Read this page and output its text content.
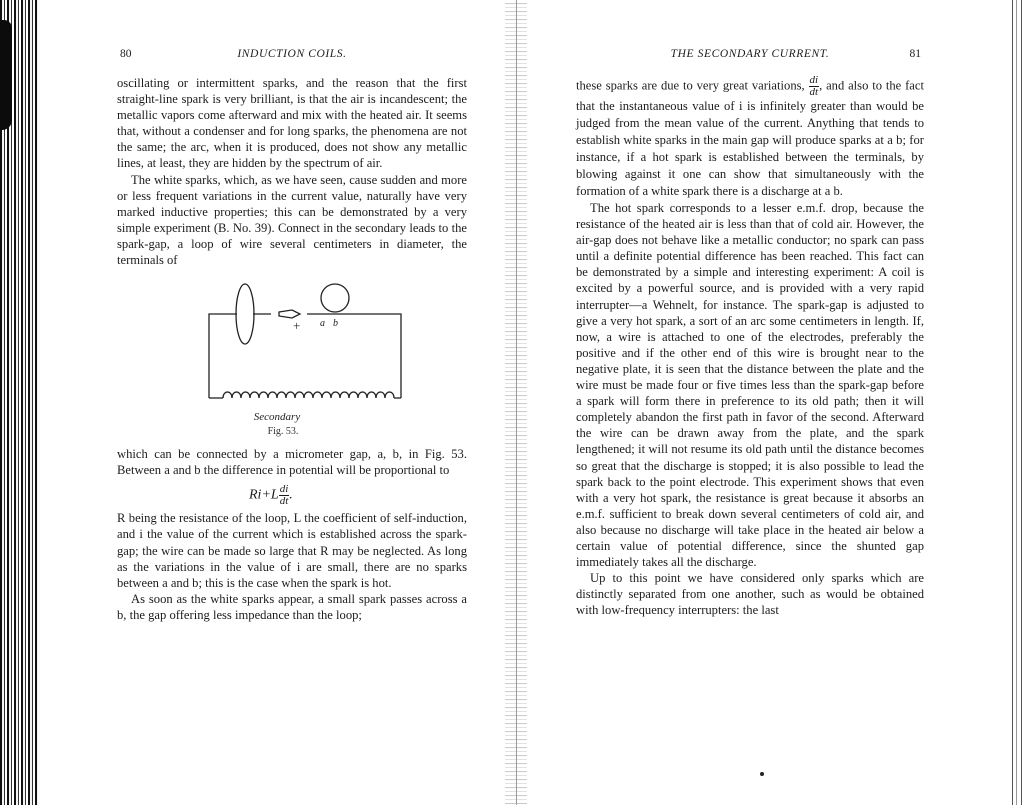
80	INDUCTION COILS.

oscillating or intermittent sparks, and the reason that the first straight-line spark is very brilliant, is that the air is incandescent; the metallic vapors come afterward and mix with the heated air. It seems that, without a condenser and for long sparks, the phenomena are not the same; the arc, when it is produced, does not show any metallic lines, at least, they are hidden by the spectrum of air.

The white sparks, which, as we have seen, cause sudden and more or less frequent variations in the current value, naturally have very marked inductive properties; this can be demonstrated by a very simple experiment (B. No. 39). Connect in the secondary leads to the spark-gap, a loop of wire several centimeters in diameter, the terminals of

+ a b
Secondary
Fig. 53.

which can be connected by a micrometer gap, a, b, in Fig. 53. Between a and b the difference in potential will be proportional to

$Ri+L \frac{di}{dt}$ .

R being the resistance of the loop, L the coefficient of self-induction, and i the value of the current which is established across the spark-gap; the wire can be made so large that R may be neglected. As long as the variations in the value of i are small, there are no sparks between a and b; this is the case when the spark is hot.

As soon as the white sparks appear, a small spark passes across a b, the gap offering less impedance than the loop;

THE SECONDARY CURRENT.	81

these sparks are due to very great variations, $\frac{di}{dt}$ , and also to the fact that the instantaneous value of i is infinitely greater than would be judged from the mean value of the current. Anything that tends to establish white sparks in the main gap will produce sparks at a b; for instance, if a hot spark is established between the terminals, by blowing against it one can show that simultaneously with the formation of a white spark there is a discharge at a b.

The hot spark corresponds to a lesser e.m.f. drop, because the resistance of the heated air is less than that of cold air. However, the air-gap does not behave like a metallic conductor; no spark can pass until a definite potential difference has been reached. This fact can be demonstrated by a simple and interesting experiment: A coil is excited by a powerful source, and is provided with a very rapid interrupter—a Wehnelt, for instance. The spark-gap is adjusted to give a very hot spark, a sort of an arc some centimeters in length. If, now, a wire is attached to one of the electrodes, preferably the positive and if the other end of this wire is brought near to the negative plate, it is seen that the distance between the plate and the wire must be made four or five times less than the spark-gap before a spark will form there in preference to its old path; then it will completely abandon the first path in favor of the second. Afterward the wire can be drawn away from the plate, and the spark lengthened; it will not resume its old path until the distance becomes so great that the discharge is stopped; it is also possible to lead the spark back to the point electrode. This experiment shows that even with a very hot spark, the resistance is great because it absorbs an e.m.f. sufficient to break down several centimeters of cold air, and also because no discharge will take place in the heated air below a certain value of potential difference, since the shunted gap immediately takes all the discharge.

Up to this point we have considered only sparks which are distinctly separated from one another, such as would be obtained with low-frequency interrupters: the last
